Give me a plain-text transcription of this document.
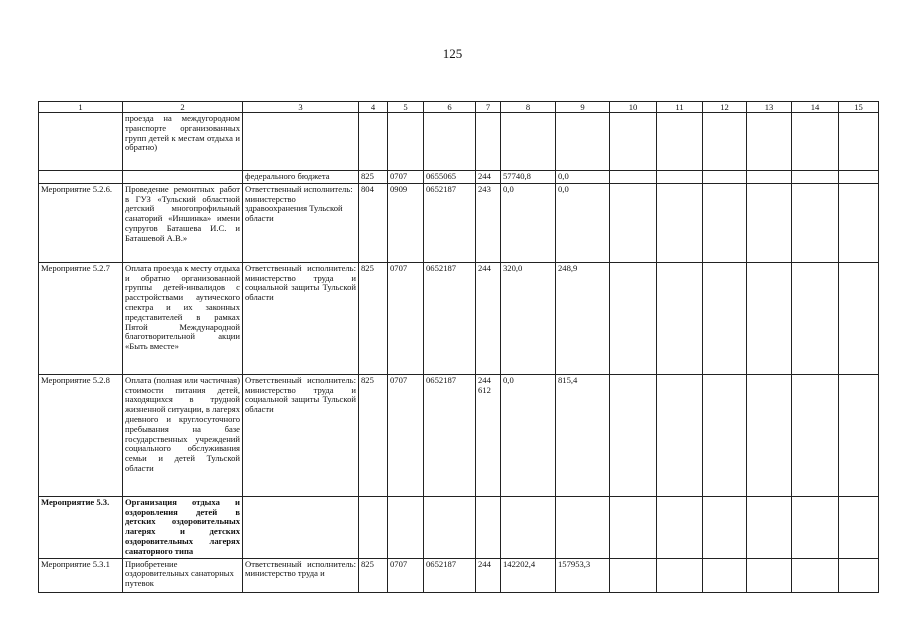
125
1	2	3	4	5	6	7	8	9	10	11	12	13	14	15
	проезда на междугородном транспорте организованных групп детей к местам отдыха и обратно)													
		федерального бюджета	825	0707	0655065	244	57740,8	0,0						
Мероприятие 5.2.6.	Проведение ремонтных работ в ГУЗ «Тульский областной детский многопрофильный санаторий «Иншинка» имени супругов Баташева И.С. и Баташевой А.В.»	Ответственный исполнитель: министерство здравоохранения Тульской области	804	0909	0652187	243	0,0	0,0						
Мероприятие 5.2.7	Оплата проезда к месту отдыха и обратно организованной группы детей-инвалидов с расстройствами аутического спектра и их законных представителей в рамках Пятой Международной благотворительной акции «Быть вместе»	Ответственный исполнитель: министерство труда и социальной защиты Тульской области	825	0707	0652187	244	320,0	248,9						
Мероприятие 5.2.8	Оплата (полная или частичная) стоимости питания детей, находящихся в трудной жизненной ситуации, в лагерях дневного и круглосуточного пребывания на базе государственных учреждений социального обслуживания семьи и детей Тульской области	Ответственный исполнитель: министерство труда и социальной защиты Тульской области	825	0707	0652187	244 612	0,0	815,4						
Мероприятие 5.3.	Организация отдыха и оздоровления детей в детских оздоровительных лагерях и детских оздоровительных лагерях санаторного типа													
Мероприятие 5.3.1	Приобретение оздоровительных санаторных путевок	Ответственный исполнитель: министерство труда и	825	0707	0652187	244	142202,4	157953,3						
